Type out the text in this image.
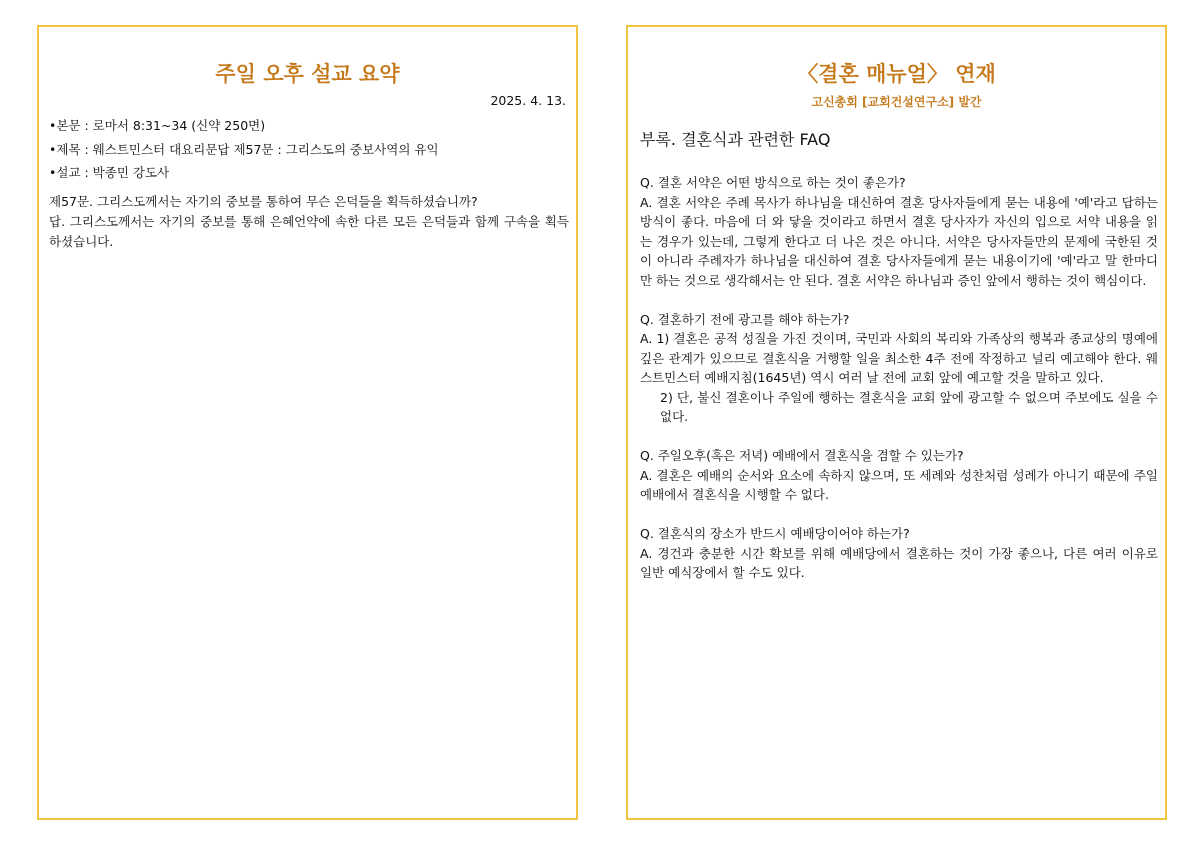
주일 오후 설교 요약
2025. 4. 13.
•본문 : 로마서 8:31~34 (신약 250면)
•제목 : 웨스트민스터 대요리문답 제57문 : 그리스도의 중보사역의 유익
•설교 : 박종민 강도사

제57문. 그리스도께서는 자기의 중보를 통하여 무슨 은덕들을 획득하셨습니까?

답. 그리스도께서는 자기의 중보를 통해 은혜언약에 속한 다른 모든 은덕들과 함께 구속을 획득하셨습니다.

〈결혼 매뉴얼〉 연재
고신총회 [교회건설연구소] 발간
부록. 결혼식과 관련한 FAQ

Q. 결혼 서약은 어떤 방식으로 하는 것이 좋은가?

A. 결혼 서약은 주례 목사가 하나님을 대신하여 결혼 당사자들에게 묻는 내용에 '예'라고 답하는 방식이 좋다. 마음에 더 와 닿을 것이라고 하면서 결혼 당사자가 자신의 입으로 서약 내용을 읽는 경우가 있는데, 그렇게 한다고 더 나은 것은 아니다. 서약은 당사자들만의 문제에 국한된 것이 아니라 주례자가 하나님을 대신하여 결혼 당사자들에게 묻는 내용이기에 '예'라고 말 한마디만 하는 것으로 생각해서는 안 된다. 결혼 서약은 하나님과 증인 앞에서 행하는 것이 핵심이다.

Q. 결혼하기 전에 광고를 해야 하는가?

A. 1) 결혼은 공적 성질을 가진 것이며, 국민과 사회의 복리와 가족상의 행복과 종교상의 명예에 깊은 관계가 있으므로 결혼식을 거행할 일을 최소한 4주 전에 작정하고 널리 예고해야 한다. 웨스트민스터 예배지침(1645년) 역시 여러 날 전에 교회 앞에 예고할 것을 말하고 있다.

2) 단, 불신 결혼이나 주일에 행하는 결혼식을 교회 앞에 광고할 수 없으며 주보에도 실을 수 없다.

Q. 주일오후(혹은 저녁) 예배에서 결혼식을 겸할 수 있는가?

A. 결혼은 예배의 순서와 요소에 속하지 않으며, 또 세례와 성찬처럼 성례가 아니기 때문에 주일 예배에서 결혼식을 시행할 수 없다.

Q. 결혼식의 장소가 반드시 예배당이어야 하는가?

A. 경건과 충분한 시간 확보를 위해 예배당에서 결혼하는 것이 가장 좋으나, 다른 여러 이유로 일반 예식장에서 할 수도 있다.
